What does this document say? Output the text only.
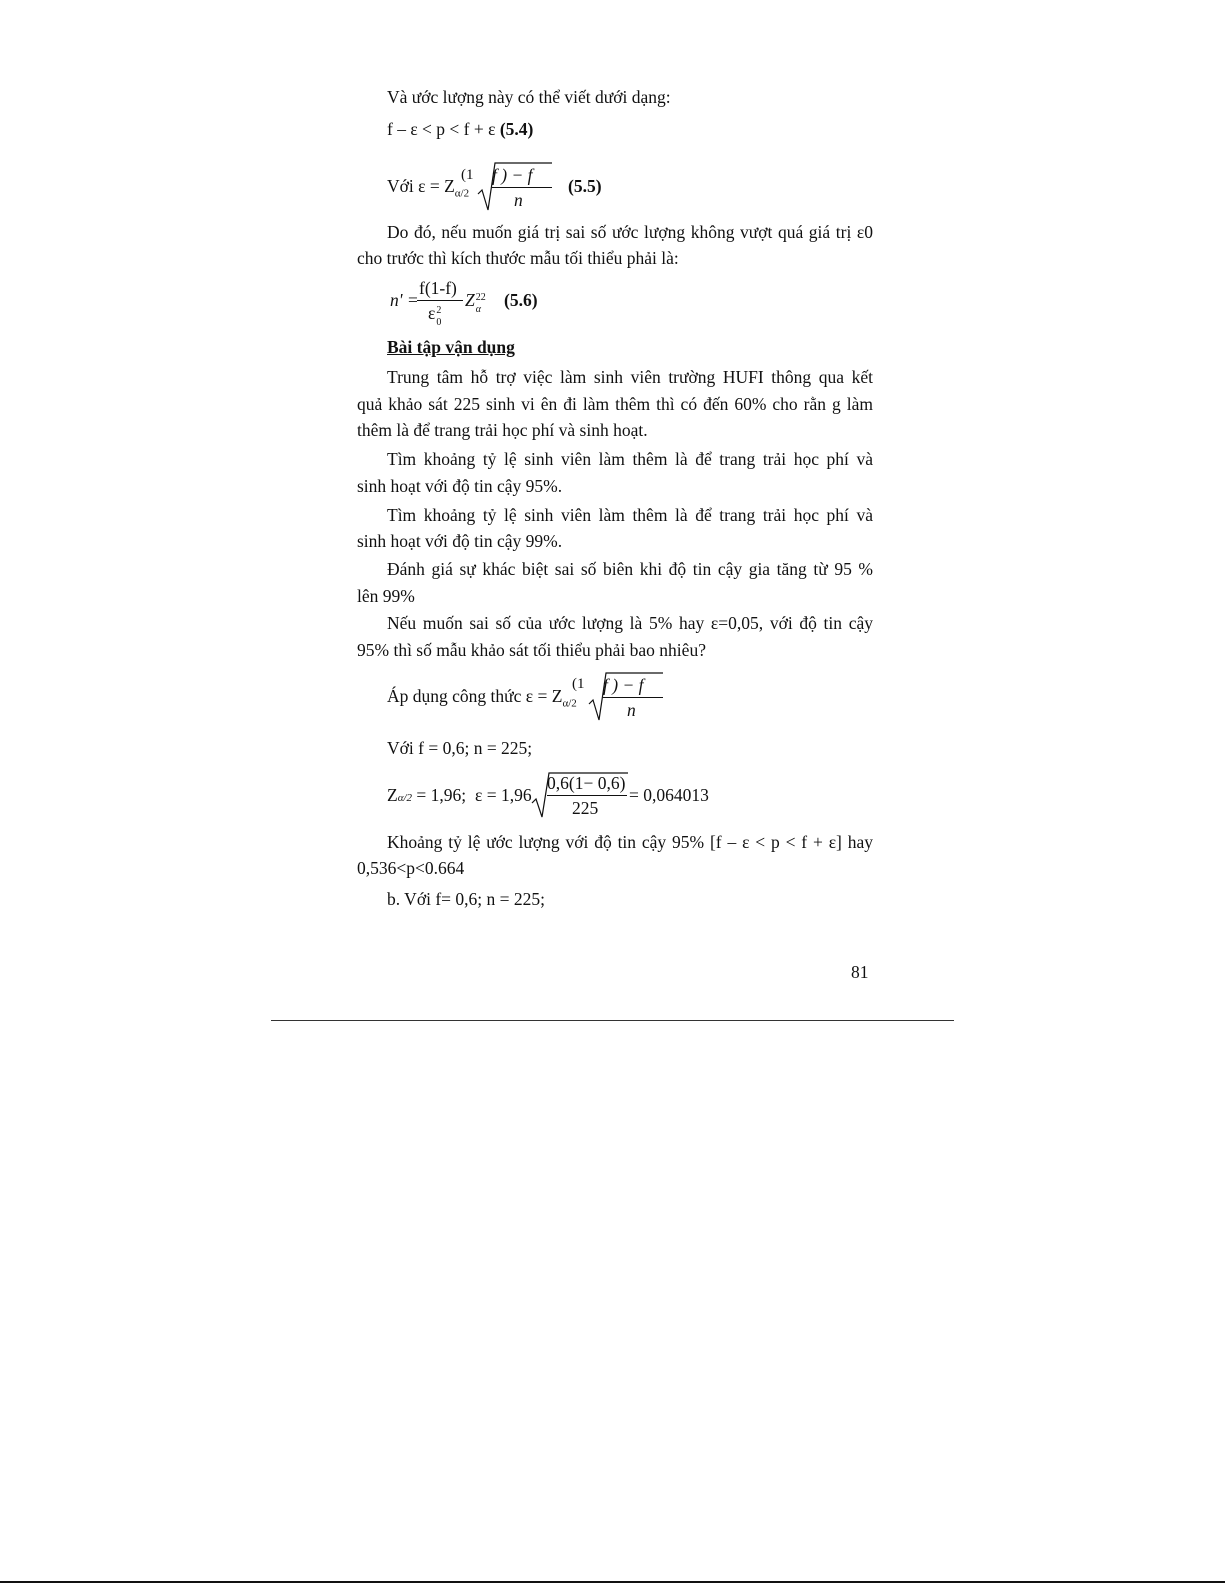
Và ước lượng này có thể viết dưới dạng:
f – ε < p < f + ε (5.4)
Với $\varepsilon = Z_{\alpha/2}$
(1 f ) − f
n
(5.5)
Do đó, nếu muốn giá trị sai số ước lượng không vượt quá giá trị ε0
cho trước thì kích thước mẫu tối thiểu phải là:
n' =
f(1-f)
ε 2
0
Z 22
α (5.6)
Bài tập vận dụng
Trung tâm hỗ trợ việc làm sinh viên trường HUFI thông qua kết
quả khảo sát 225 sinh vi ên đi làm thêm thì có đến 60% cho rằn g làm
thêm là để trang trải học phí và sinh hoạt.
Tìm khoảng tỷ lệ sinh viên làm thêm là để trang trải học phí và
sinh hoạt với độ tin cậy 95%.
Tìm khoảng tỷ lệ sinh viên làm thêm là để trang trải học phí và
sinh hoạt với độ tin cậy 99%.
Đánh giá sự khác biệt sai số biên khi độ tin cậy gia tăng từ 95 %
lên 99%
Nếu muốn sai số của ước lượng là 5% hay ε=0,05, với độ tin cậy
95% thì số mẫu khảo sát tối thiểu phải bao nhiêu?
Áp dụng công thức $\varepsilon = Z_{\alpha/2}$
(1 f ) − f
n
Với f = 0,6; n = 225;
Zα/2 = 1,96; ε = 1,96
0,6(1− 0,6)
225
= 0,064013
Khoảng tỷ lệ ước lượng với độ tin cậy 95% [f – ε < p < f + ε] hay
0,536<p<0.664
b. Với f= 0,6; n = 225;
81
